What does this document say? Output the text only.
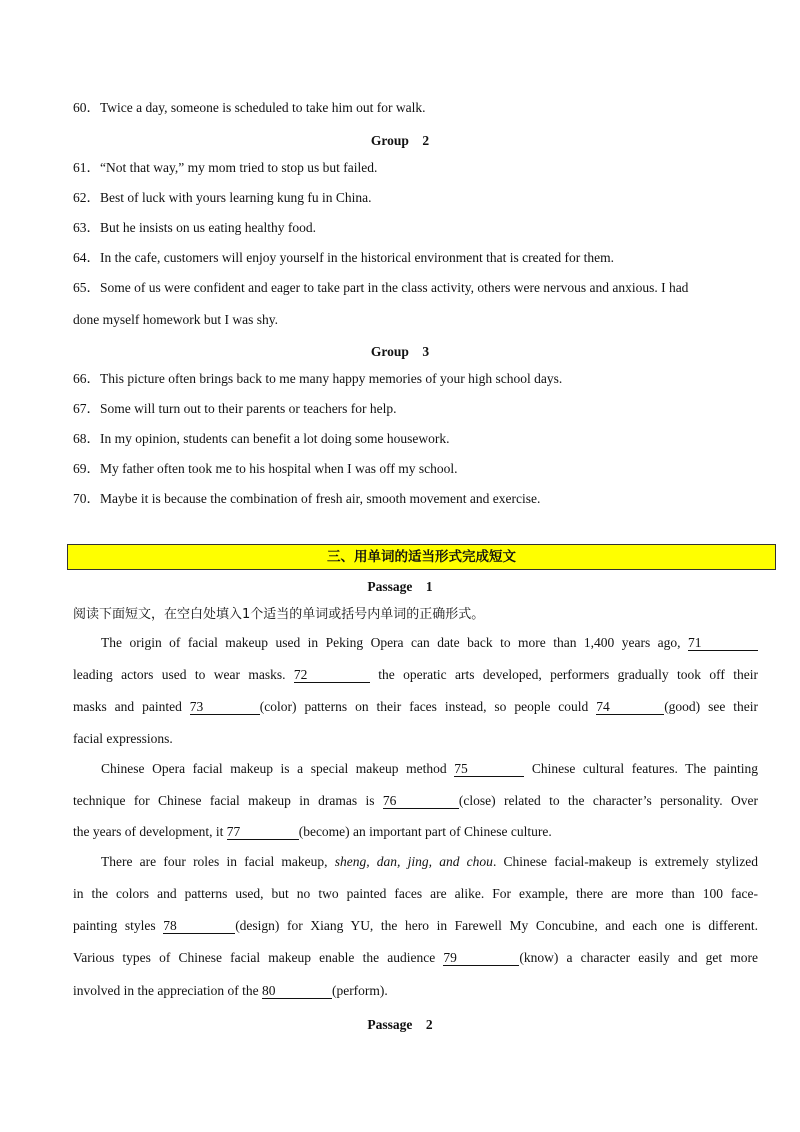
60．Twice a day, someone is scheduled to take him out for walk.
Group　2
61．“Not that way,” my mom tried to stop us but failed.
62．Best of luck with yours learning kung fu in China.
63．But he insists on us eating healthy food.
64．In the cafe, customers will enjoy yourself in the historical environment that is created for them.
65．Some of us were confident and eager to take part in the class activity, others were nervous and anxious. I had
done myself homework but I was shy.
Group　3
66．This picture often brings back to me many happy memories of your high school days.
67．Some will turn out to their parents or teachers for help.
68．In my opinion, students can benefit a lot doing some housework.
69．My father often took me to his hospital when I was off my school.
70．Maybe it is because the combination of fresh air, smooth movement and exercise.
三、用单词的适当形式完成短文
Passage　1
阅读下面短文，在空白处填入1个适当的单词或括号内单词的正确形式。
The origin of facial makeup used in Peking Opera can date back to more than 1,400 years ago, 71
leading actors used to wear masks. 72	the operatic arts developed, performers gradually took off their
masks and painted 73	(color) patterns on their faces instead, so people could 74	(good) see their
facial expressions.
Chinese Opera facial makeup is a special makeup method 75	Chinese cultural features. The painting
technique for Chinese facial makeup in dramas is 76	(close) related to the character’s personality. Over
the years of development, it 77	(become) an important part of Chinese culture.
There are four roles in facial makeup, sheng, dan, jing, and chou. Chinese facial-makeup is extremely stylized
in the colors and patterns used, but no two painted faces are alike. For example, there are more than 100 face-
painting styles 78	(design) for Xiang YU, the hero in Farewell My Concubine, and each one is different.
Various types of Chinese facial makeup enable the audience 79	(know) a character easily and get more
involved in the appreciation of the 80	(perform).
Passage　2
